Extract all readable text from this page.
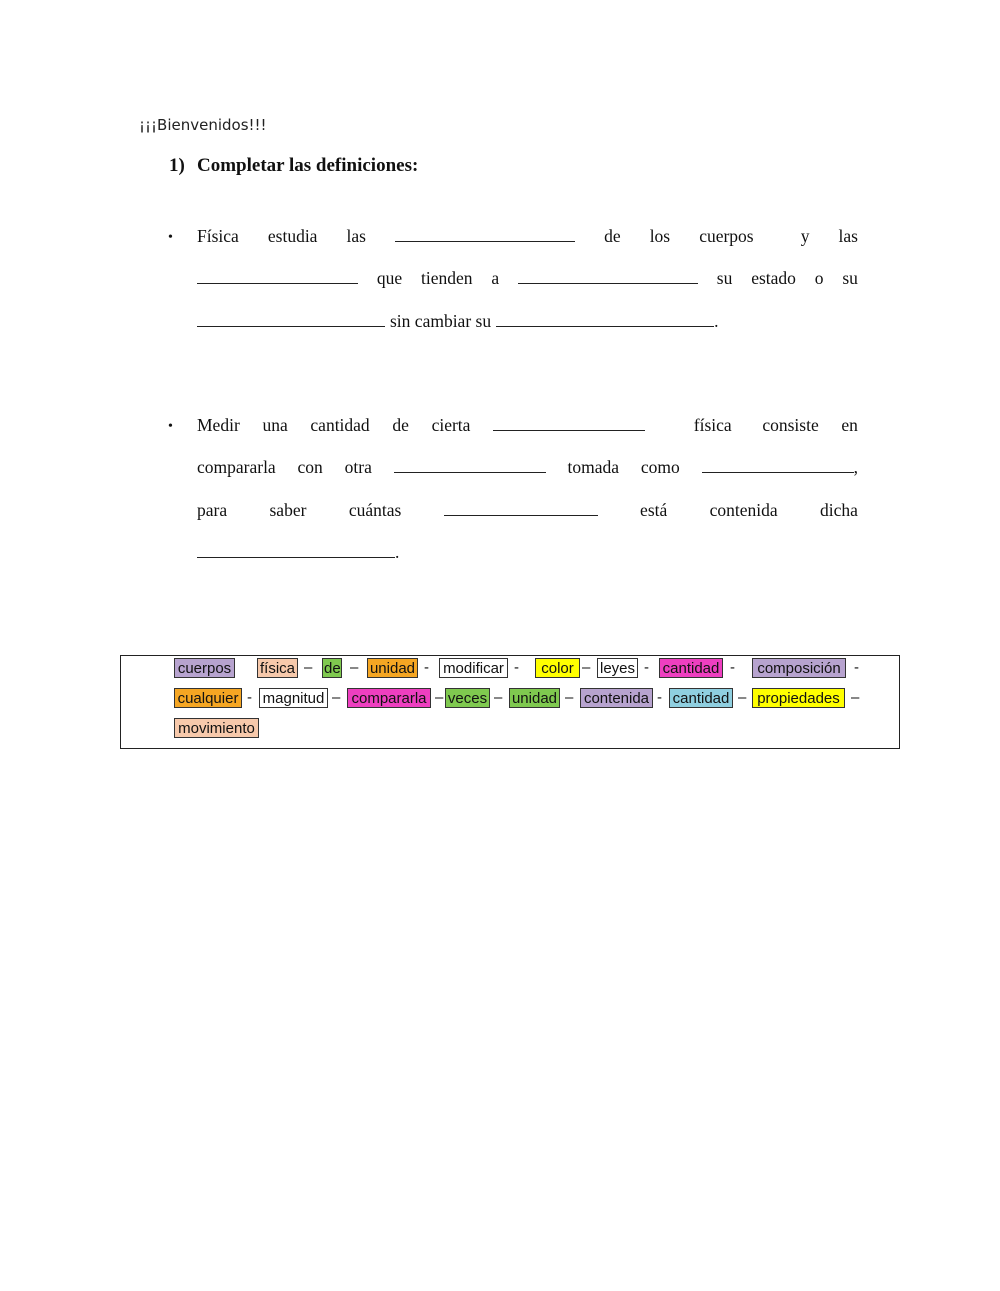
¡¡¡Bienvenidos!!!
1) Completar las definiciones:
• Física estudia las	de los cuerpos	y las
que tienden a	su estado o su
sin cambiar su	.
• Medir una cantidad de cierta	física consiste en
compararla con otra	tomada como	,
para saber cuántas	está contenida dicha
.
cuerpos física – de – unidad - modificar -	color – leyes - cantidad -	composición -
cualquier - magnitud – compararla – veces – unidad – contenida - cantidad – propiedades –
movimiento
